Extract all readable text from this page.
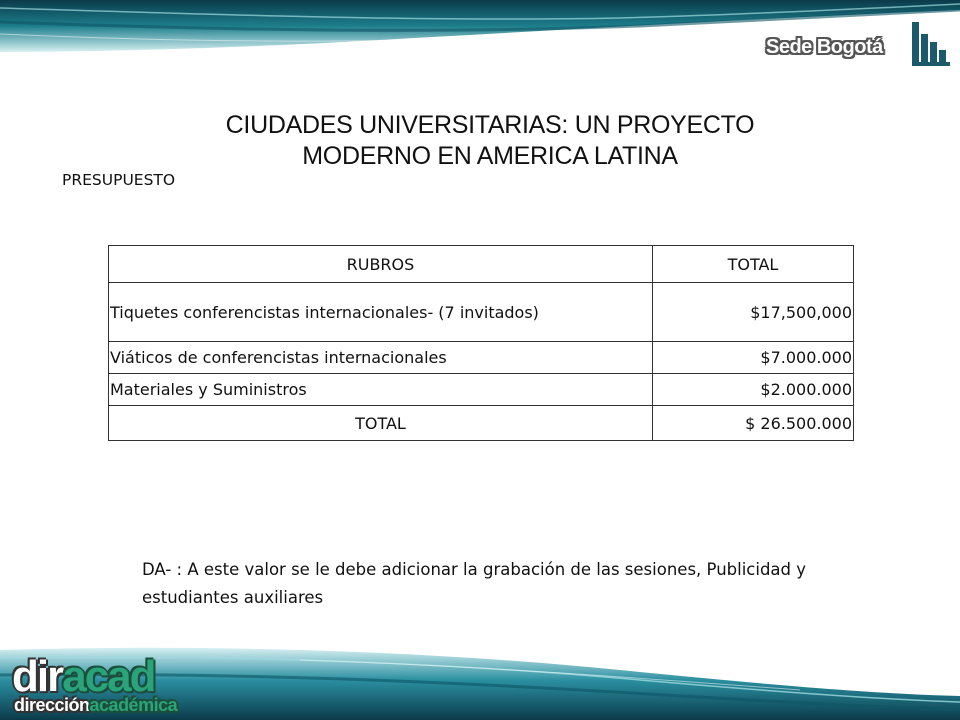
Sede Bogotá
CIUDADES UNIVERSITARIAS: UN PROYECTO MODERNO EN AMERICA LATINA
PRESUPUESTO
RUBROS	TOTAL
Tiquetes conferencistas internacionales- (7 invitados)	$17,500,000
Viáticos de conferencistas internacionales	$7.000.000
Materiales y Suministros	$2.000.000
TOTAL	$ 26.500.000
DA- : A este valor se le debe adicionar la grabación de las sesiones, Publicidad y estudiantes auxiliares
diracad
direcciónacadémica
